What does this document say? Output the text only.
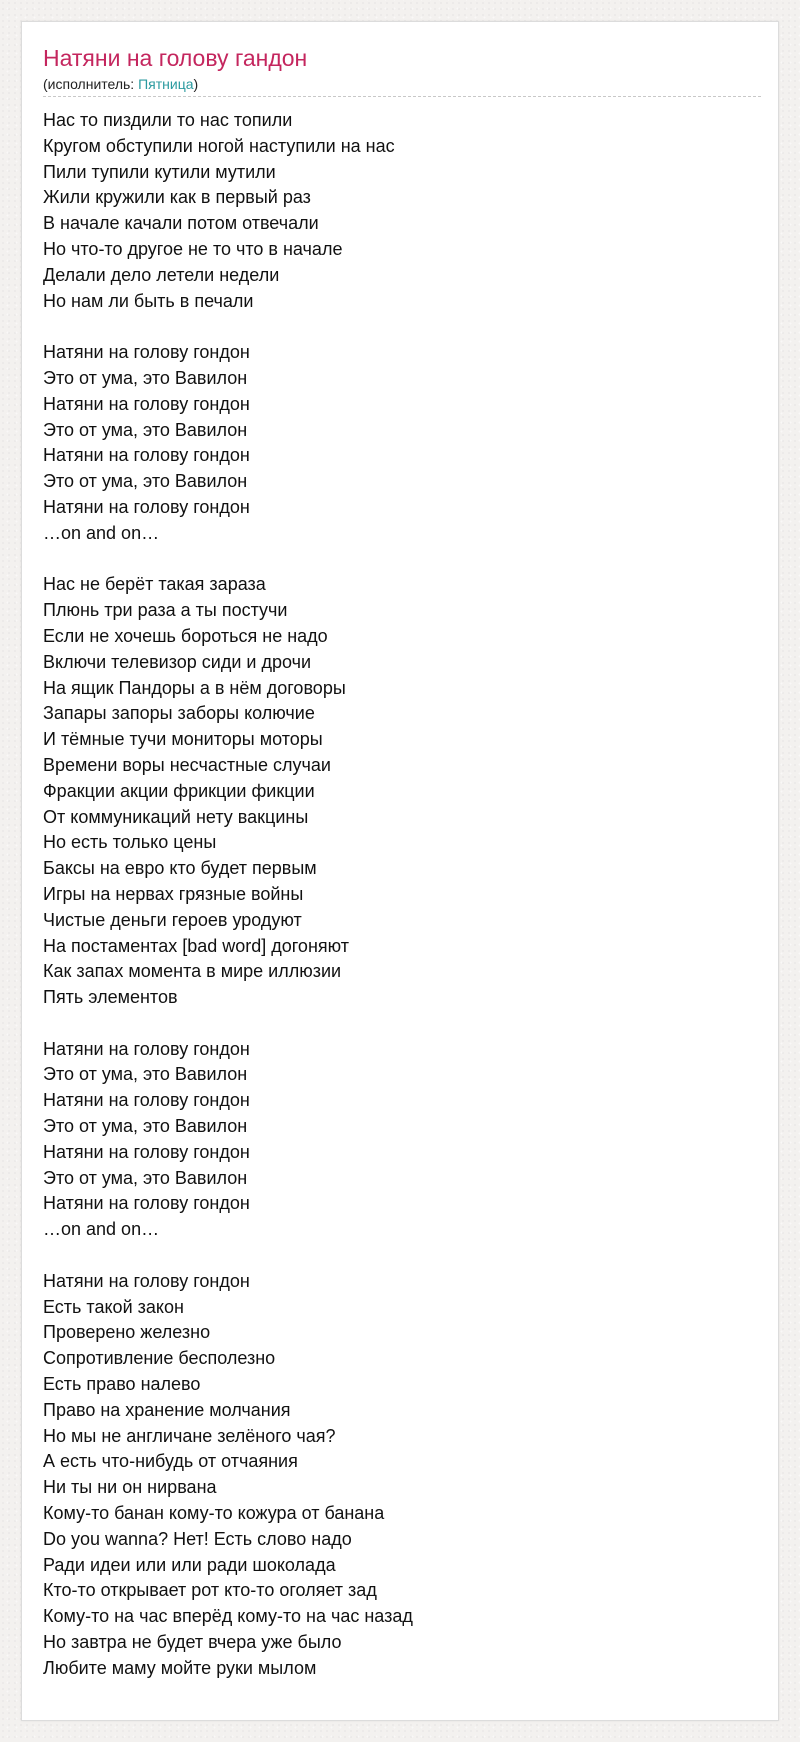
Натяни на голову гандон
(исполнитель: Пятница)
Нас то пиздили то нас топили
Кругом обступили ногой наступили на нас
Пили тупили кутили мутили
Жили кружили как в первый раз
В начале качали потом отвечали
Но что-то другое не то что в начале
Делали дело летели недели
Но нам ли быть в печали
Натяни на голову гондон
Это от ума, это Вавилон
Натяни на голову гондон
Это от ума, это Вавилон
Натяни на голову гондон
Это от ума, это Вавилон
Натяни на голову гондон
…on and on…
Нас не берёт такая зараза
Плюнь три раза а ты постучи
Если не хочешь бороться не надо
Включи телевизор сиди и дрочи
На ящик Пандоры а в нём договоры
Запары запоры заборы колючие
И тёмные тучи мониторы моторы
Времени воры несчастные случаи
Фракции акции фрикции фикции
От коммуникаций нету вакцины
Но есть только цены
Баксы на евро кто будет первым
Игры на нервах грязные войны
Чистые деньги героев уродуют
На постаментах [bad word] догоняют
Как запах момента в мире иллюзии
Пять элементов
Натяни на голову гондон
Это от ума, это Вавилон
Натяни на голову гондон
Это от ума, это Вавилон
Натяни на голову гондон
Это от ума, это Вавилон
Натяни на голову гондон
…on and on…
Натяни на голову гондон
Есть такой закон
Проверено железно
Сопротивление бесполезно
Есть право налево
Право на хранение молчания
Но мы не англичане зелёного чая?
А есть что-нибудь от отчаяния
Ни ты ни он нирвана
Кому-то банан кому-то кожура от банана
Do you wanna? Нет! Есть слово надо
Ради идеи или или ради шоколада
Кто-то открывает рот кто-то оголяет зад
Кому-то на час вперёд кому-то на час назад
Но завтра не будет вчера уже было
Любите маму мойте руки мылом
